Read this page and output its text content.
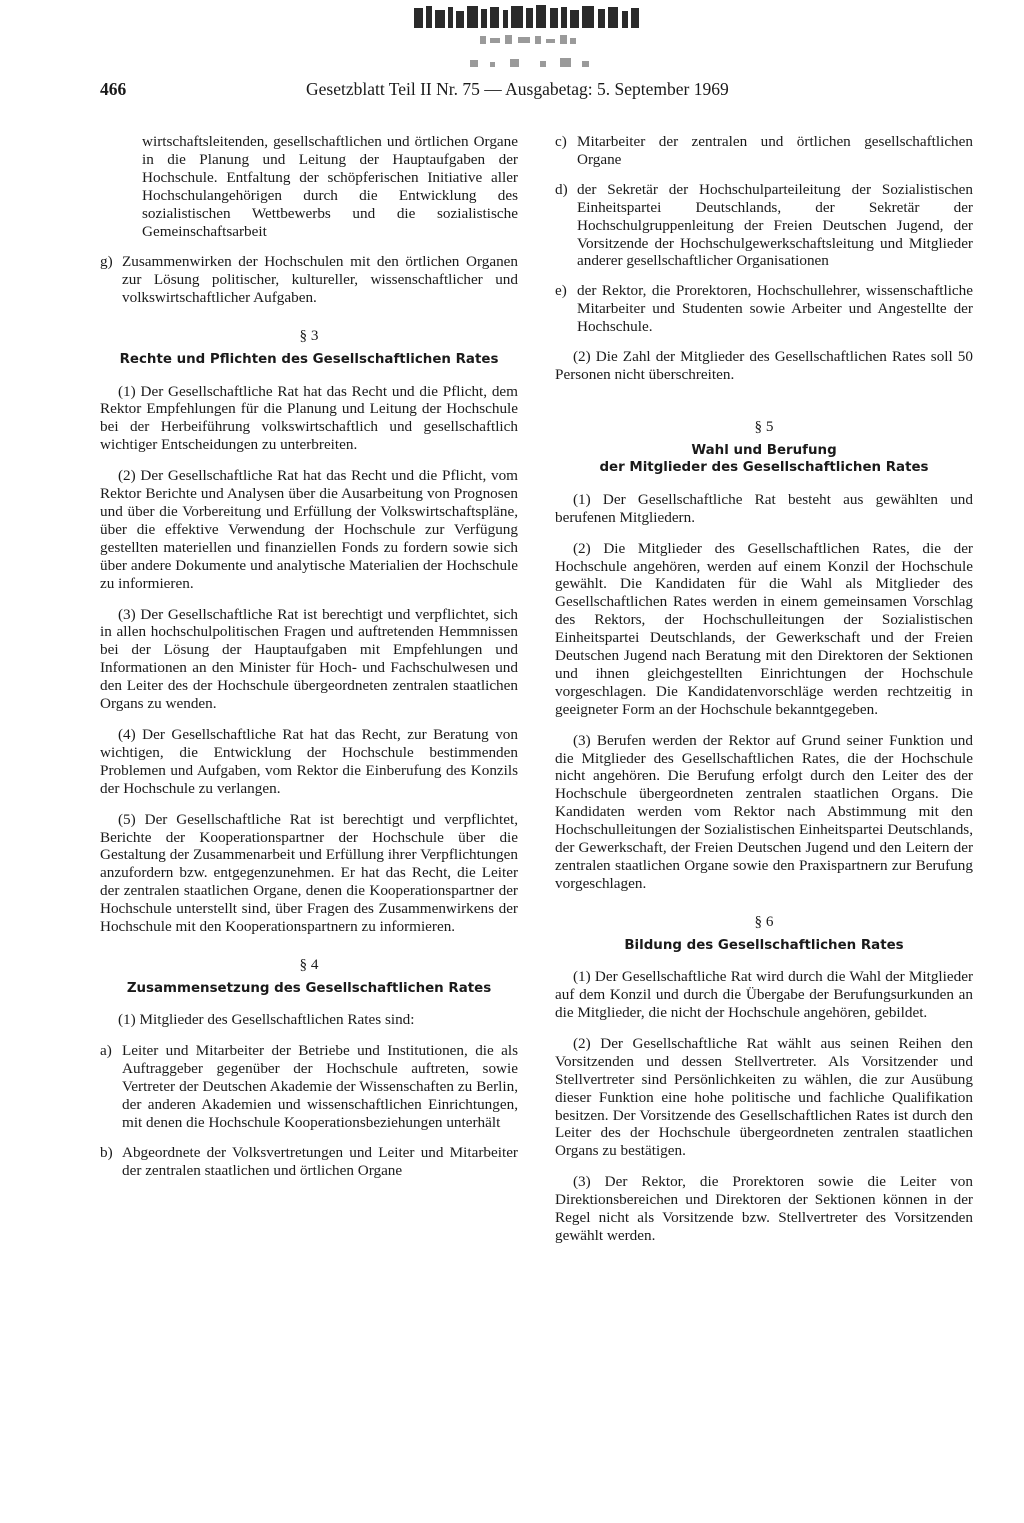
466	Gesetzblatt Teil II Nr. 75 — Ausgabetag: 5. September 1969

wirtschaftsleitenden, gesellschaftlichen und örtlichen Organe in die Planung und Leitung der Hauptaufgaben der Hochschule. Entfaltung der schöpferischen Initiative aller Hochschulangehörigen durch die Entwicklung des sozialistischen Wettbewerbs und die sozialistische Gemeinschaftsarbeit

g) Zusammenwirken der Hochschulen mit den örtlichen Organen zur Lösung politischer, kultureller, wissenschaftlicher und volkswirtschaftlicher Aufgaben.
§ 3
Rechte und Pflichten des Gesellschaftlichen Rates

(1) Der Gesellschaftliche Rat hat das Recht und die Pflicht, dem Rektor Empfehlungen für die Planung und Leitung der Hochschule bei der Herbeiführung volkswirtschaftlich und gesellschaftlich wichtiger Entscheidungen zu unterbreiten.

(2) Der Gesellschaftliche Rat hat das Recht und die Pflicht, vom Rektor Berichte und Analysen über die Ausarbeitung von Prognosen und über die Vorbereitung und Erfüllung der Volkswirtschaftspläne, über die effektive Verwendung der Hochschule zur Verfügung gestellten materiellen und finanziellen Fonds zu fordern sowie sich über andere Dokumente und analytische Materialien der Hochschule zu informieren.

(3) Der Gesellschaftliche Rat ist berechtigt und verpflichtet, sich in allen hochschulpolitischen Fragen und auftretenden Hemmnissen bei der Lösung der Hauptaufgaben mit Empfehlungen und Informationen an den Minister für Hoch- und Fachschulwesen und den Leiter des der Hochschule übergeordneten zentralen staatlichen Organs zu wenden.

(4) Der Gesellschaftliche Rat hat das Recht, zur Beratung von wichtigen, die Entwicklung der Hochschule bestimmenden Problemen und Aufgaben, vom Rektor die Einberufung des Konzils der Hochschule zu verlangen.

(5) Der Gesellschaftliche Rat ist berechtigt und verpflichtet, Berichte der Kooperationspartner der Hochschule über die Gestaltung der Zusammenarbeit und Erfüllung ihrer Verpflichtungen anzufordern bzw. entgegenzunehmen. Er hat das Recht, die Leiter der zentralen staatlichen Organe, denen die Kooperationspartner der Hochschule unterstellt sind, über Fragen des Zusammenwirkens der Hochschule mit den Kooperationspartnern zu informieren.

§ 4
Zusammensetzung des Gesellschaftlichen Rates

(1) Mitglieder des Gesellschaftlichen Rates sind:

a) Leiter und Mitarbeiter der Betriebe und Institutionen, die als Auftraggeber gegenüber der Hochschule auftreten, sowie Vertreter der Deutschen Akademie der Wissenschaften zu Berlin, der anderen Akademien und wissenschaftlichen Einrichtungen, mit denen die Hochschule Kooperationsbeziehungen unterhält
b) Abgeordnete der Volksvertretungen und Leiter und Mitarbeiter der zentralen staatlichen und örtlichen Organe
c) Mitarbeiter der zentralen und örtlichen gesellschaftlichen Organe
d) der Sekretär der Hochschulparteileitung der Sozialistischen Einheitspartei Deutschlands, der Sekretär der Hochschulgruppenleitung der Freien Deutschen Jugend, der Vorsitzende der Hochschulgewerkschaftsleitung und Mitglieder anderer gesellschaftlicher Organisationen
e) der Rektor, die Prorektoren, Hochschullehrer, wissenschaftliche Mitarbeiter und Studenten sowie Arbeiter und Angestellte der Hochschule.

(2) Die Zahl der Mitglieder des Gesellschaftlichen Rates soll 50 Personen nicht überschreiten.

§ 5
Wahl und Berufung
der Mitglieder des Gesellschaftlichen Rates

(1) Der Gesellschaftliche Rat besteht aus gewählten und berufenen Mitgliedern.

(2) Die Mitglieder des Gesellschaftlichen Rates, die der Hochschule angehören, werden auf einem Konzil der Hochschule gewählt. Die Kandidaten für die Wahl als Mitglieder des Gesellschaftlichen Rates werden in einem gemeinsamen Vorschlag des Rektors, der Hochschulleitungen der Sozialistischen Einheitspartei Deutschlands, der Gewerkschaft und der Freien Deutschen Jugend nach Beratung mit den Direktoren der Sektionen und ihnen gleichgestellten Einrichtungen der Hochschule vorgeschlagen. Die Kandidatenvorschläge werden rechtzeitig in geeigneter Form an der Hochschule bekanntgegeben.

(3) Berufen werden der Rektor auf Grund seiner Funktion und die Mitglieder des Gesellschaftlichen Rates, die der Hochschule nicht angehören. Die Berufung erfolgt durch den Leiter des der Hochschule übergeordneten zentralen staatlichen Organs. Die Kandidaten werden vom Rektor nach Abstimmung mit den Hochschulleitungen der Sozialistischen Einheitspartei Deutschlands, der Gewerkschaft, der Freien Deutschen Jugend und den Leitern der zentralen staatlichen Organe sowie den Praxispartnern zur Berufung vorgeschlagen.

§ 6
Bildung des Gesellschaftlichen Rates

(1) Der Gesellschaftliche Rat wird durch die Wahl der Mitglieder auf dem Konzil und durch die Übergabe der Berufungsurkunden an die Mitglieder, die nicht der Hochschule angehören, gebildet.

(2) Der Gesellschaftliche Rat wählt aus seinen Reihen den Vorsitzenden und dessen Stellvertreter. Als Vorsitzender und Stellvertreter sind Persönlichkeiten zu wählen, die zur Ausübung dieser Funktion eine hohe politische und fachliche Qualifikation besitzen. Der Vorsitzende des Gesellschaftlichen Rates ist durch den Leiter des der Hochschule übergeordneten zentralen staatlichen Organs zu bestätigen.

(3) Der Rektor, die Prorektoren sowie die Leiter von Direktionsbereichen und Direktoren der Sektionen können in der Regel nicht als Vorsitzende bzw. Stellvertreter des Vorsitzenden gewählt werden.
